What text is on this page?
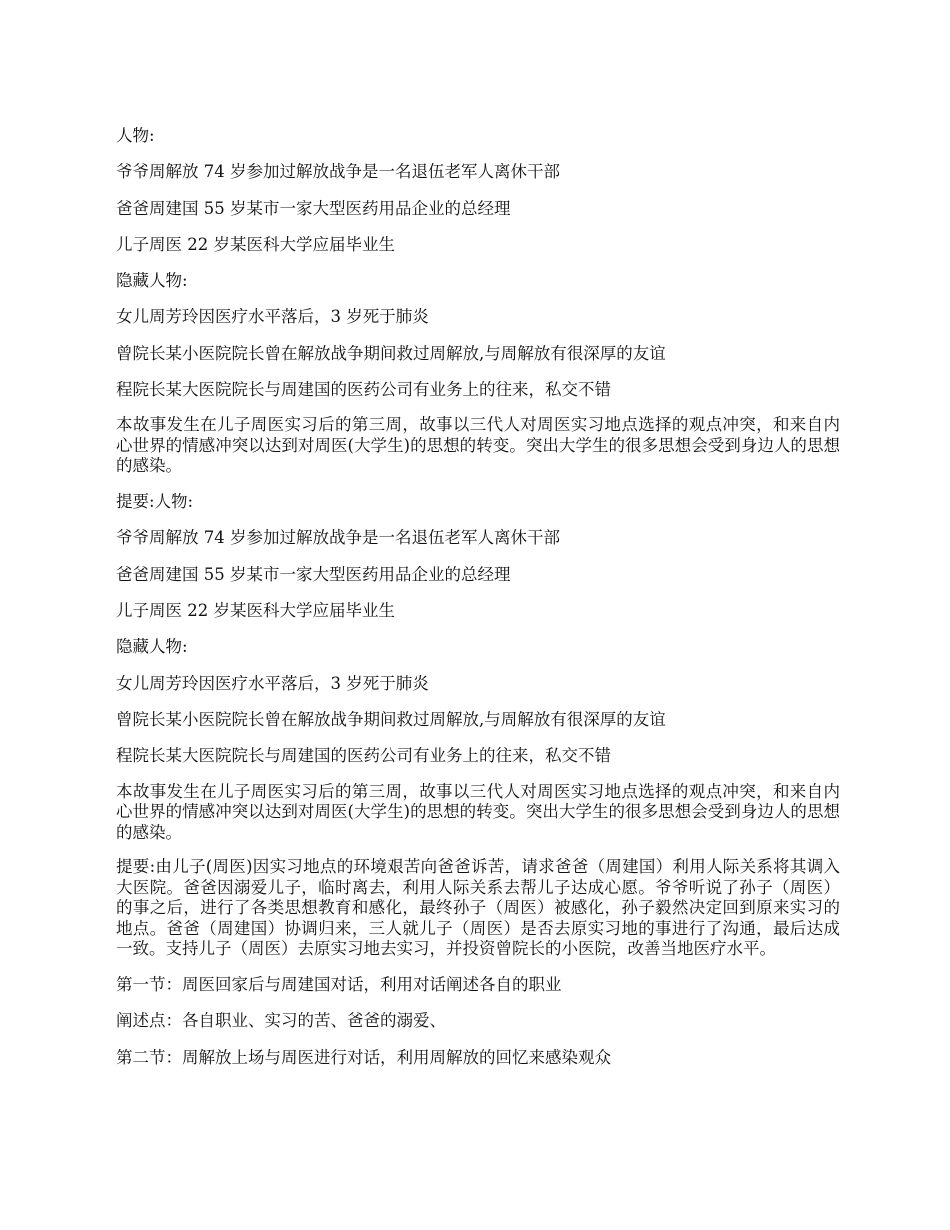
人物:

爷爷周解放 74 岁参加过解放战争是一名退伍老军人离休干部

爸爸周建国 55 岁某市一家大型医药用品企业的总经理

儿子周医 22 岁某医科大学应届毕业生

隐藏人物:

女儿周芳玲因医疗水平落后，3 岁死于肺炎

曾院长某小医院院长曾在解放战争期间救过周解放,与周解放有很深厚的友谊

程院长某大医院院长与周建国的医药公司有业务上的往来，私交不错

本故事发生在儿子周医实习后的第三周，故事以三代人对周医实习地点选择的观点冲突，和来自内心世界的情感冲突以达到对周医(大学生)的思想的转变。突出大学生的很多思想会受到身边人的思想的感染。

提要:人物:

爷爷周解放 74 岁参加过解放战争是一名退伍老军人离休干部

爸爸周建国 55 岁某市一家大型医药用品企业的总经理

儿子周医 22 岁某医科大学应届毕业生

隐藏人物:

女儿周芳玲因医疗水平落后，3 岁死于肺炎

曾院长某小医院院长曾在解放战争期间救过周解放,与周解放有很深厚的友谊

程院长某大医院院长与周建国的医药公司有业务上的往来，私交不错

本故事发生在儿子周医实习后的第三周，故事以三代人对周医实习地点选择的观点冲突，和来自内心世界的情感冲突以达到对周医(大学生)的思想的转变。突出大学生的很多思想会受到身边人的思想的感染。

提要:由儿子(周医)因实习地点的环境艰苦向爸爸诉苦，请求爸爸（周建国）利用人际关系将其调入大医院。爸爸因溺爱儿子，临时离去，利用人际关系去帮儿子达成心愿。爷爷听说了孙子（周医）的事之后，进行了各类思想教育和感化，最终孙子（周医）被感化，孙子毅然决定回到原来实习的地点。爸爸（周建国）协调归来，三人就儿子（周医）是否去原实习地的事进行了沟通，最后达成一致。支持儿子（周医）去原实习地去实习，并投资曾院长的小医院，改善当地医疗水平。

第一节：周医回家后与周建国对话，利用对话阐述各自的职业

阐述点：各自职业、实习的苦、爸爸的溺爱、

第二节：周解放上场与周医进行对话，利用周解放的回忆来感染观众
